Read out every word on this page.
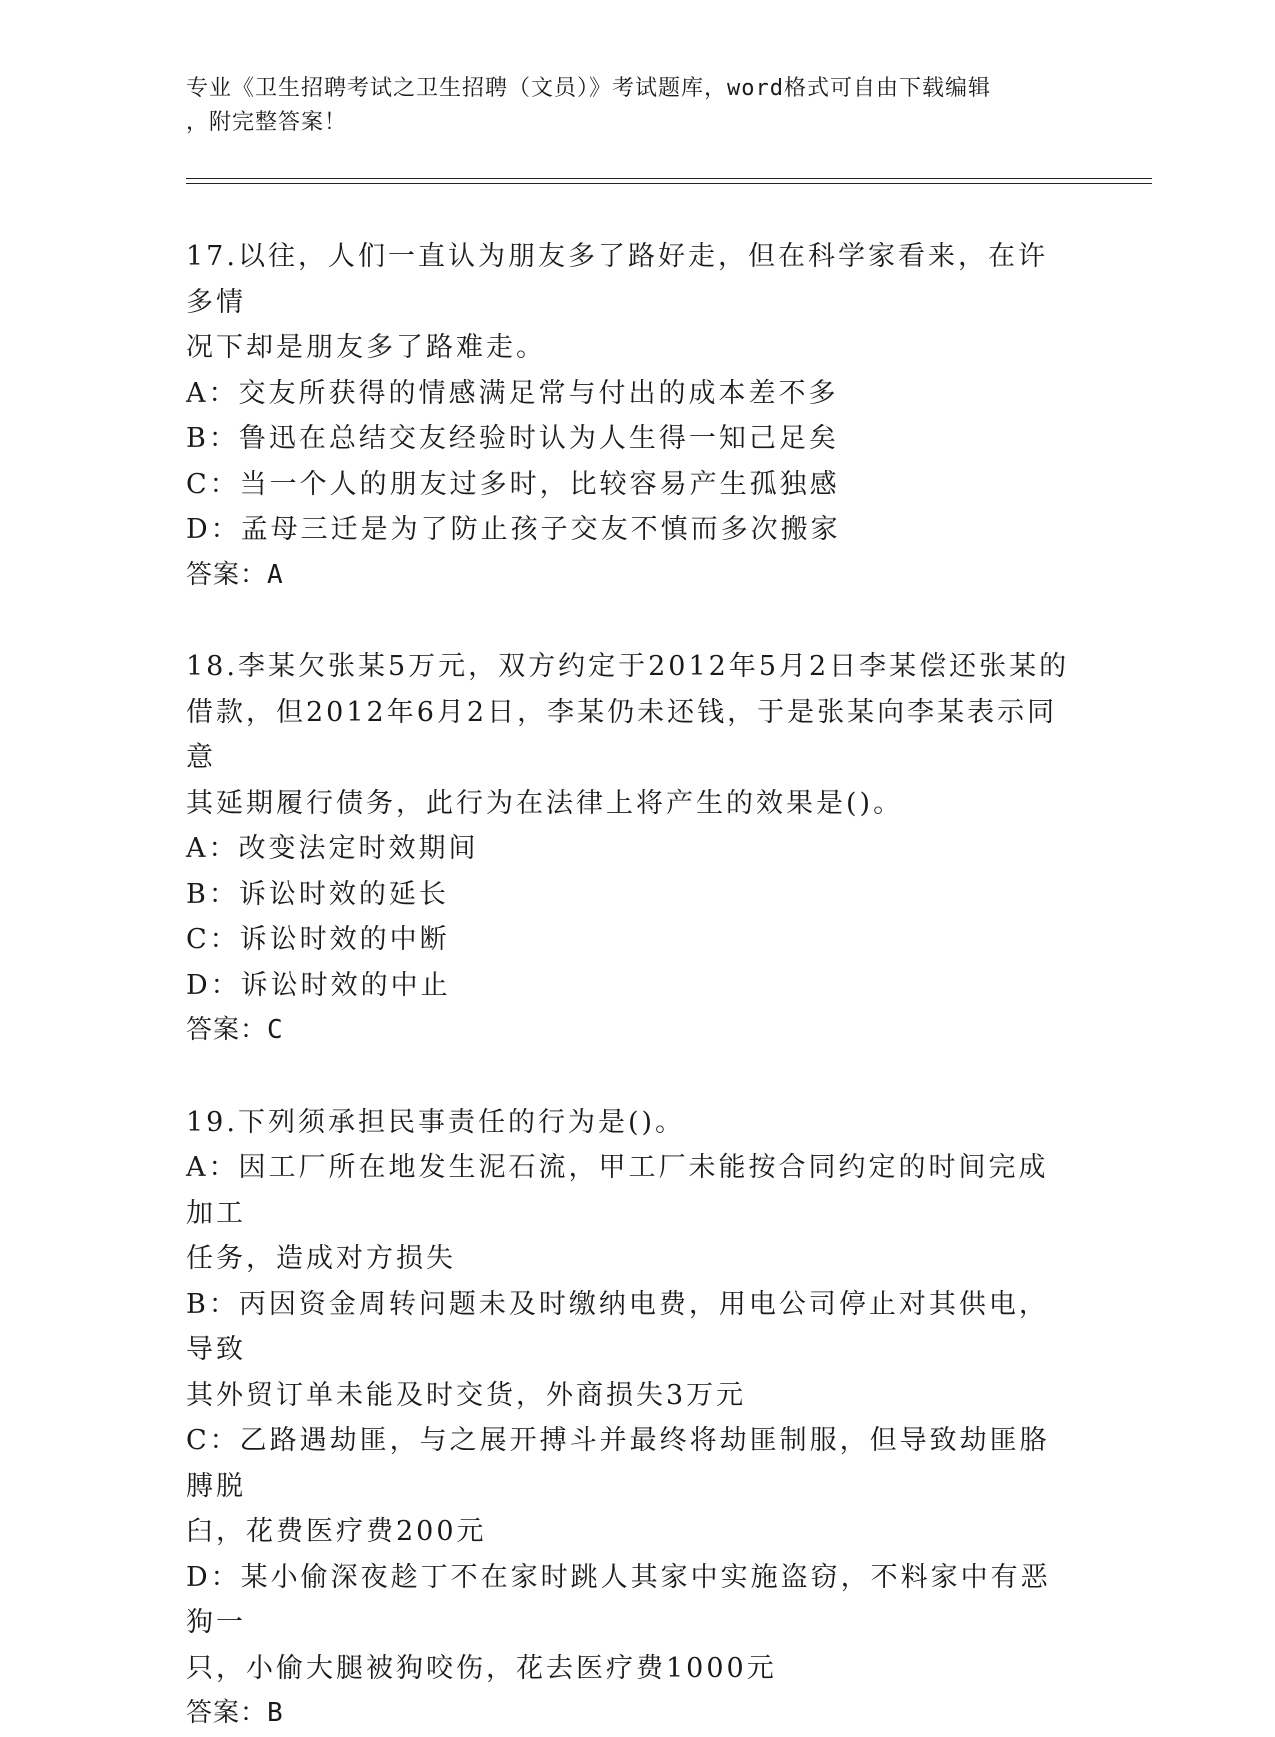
专业《卫生招聘考试之卫生招聘（文员）》考试题库，word格式可自由下载编辑
，附完整答案！

17.以往，人们一直认为朋友多了路好走，但在科学家看来，在许多情

况下却是朋友多了路难走。

A：交友所获得的情感满足常与付出的成本差不多

B：鲁迅在总结交友经验时认为人生得一知己足矣

C：当一个人的朋友过多时，比较容易产生孤独感

D：孟母三迁是为了防止孩子交友不慎而多次搬家

答案：A

18.李某欠张某5万元，双方约定于2012年5月2日李某偿还张某的

借款，但2012年6月2日，李某仍未还钱，于是张某向李某表示同意

其延期履行债务，此行为在法律上将产生的效果是()。

A：改变法定时效期间

B：诉讼时效的延长

C：诉讼时效的中断

D：诉讼时效的中止

答案：C

19.下列须承担民事责任的行为是()。

A：因工厂所在地发生泥石流，甲工厂未能按合同约定的时间完成加工

任务，造成对方损失

B：丙因资金周转问题未及时缴纳电费，用电公司停止对其供电，导致

其外贸订单未能及时交货，外商损失3万元

C：乙路遇劫匪，与之展开搏斗并最终将劫匪制服，但导致劫匪胳膊脱

臼，花费医疗费200元

D：某小偷深夜趁丁不在家时跳人其家中实施盗窃，不料家中有恶狗一

只，小偷大腿被狗咬伤，花去医疗费1000元

答案：B
